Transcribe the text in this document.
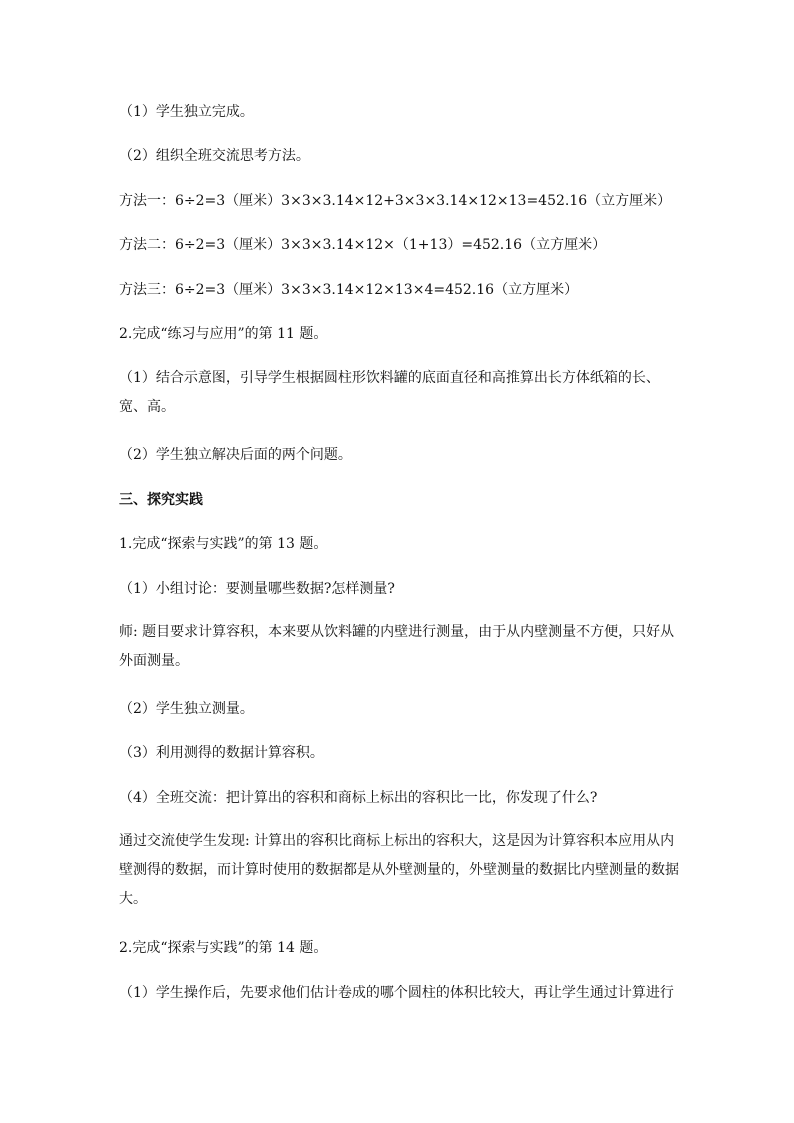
（1）学生独立完成。
（2）组织全班交流思考方法。
方法一：6÷2=3（厘米）3×3×3.14×12+3×3×3.14×12×13=452.16（立方厘米）
方法二：6÷2=3（厘米）3×3×3.14×12×（1+13）=452.16（立方厘米）
方法三：6÷2=3（厘米）3×3×3.14×12×13×4=452.16（立方厘米）
2.完成“练习与应用”的第 11 题。
（1）结合示意图，引导学生根据圆柱形饮料罐的底面直径和高推算出长方体纸箱的长、宽、高。
（2）学生独立解决后面的两个问题。
三、探究实践
1.完成“探索与实践”的第 13 题。
（1）小组讨论：要测量哪些数据?怎样测量?
师: 题目要求计算容积，本来要从饮料罐的内壁进行测量，由于从内壁测量不方便，只好从外面测量。
（2）学生独立测量。
（3）利用测得的数据计算容积。
（4）全班交流：把计算出的容积和商标上标出的容积比一比，你发现了什么?
通过交流使学生发现: 计算出的容积比商标上标出的容积大，这是因为计算容积本应用从内壁测得的数据，而计算时使用的数据都是从外壁测量的，外壁测量的数据比内壁测量的数据大。
2.完成“探索与实践”的第 14 题。
（1）学生操作后，先要求他们估计卷成的哪个圆柱的体积比较大，再让学生通过计算进行
